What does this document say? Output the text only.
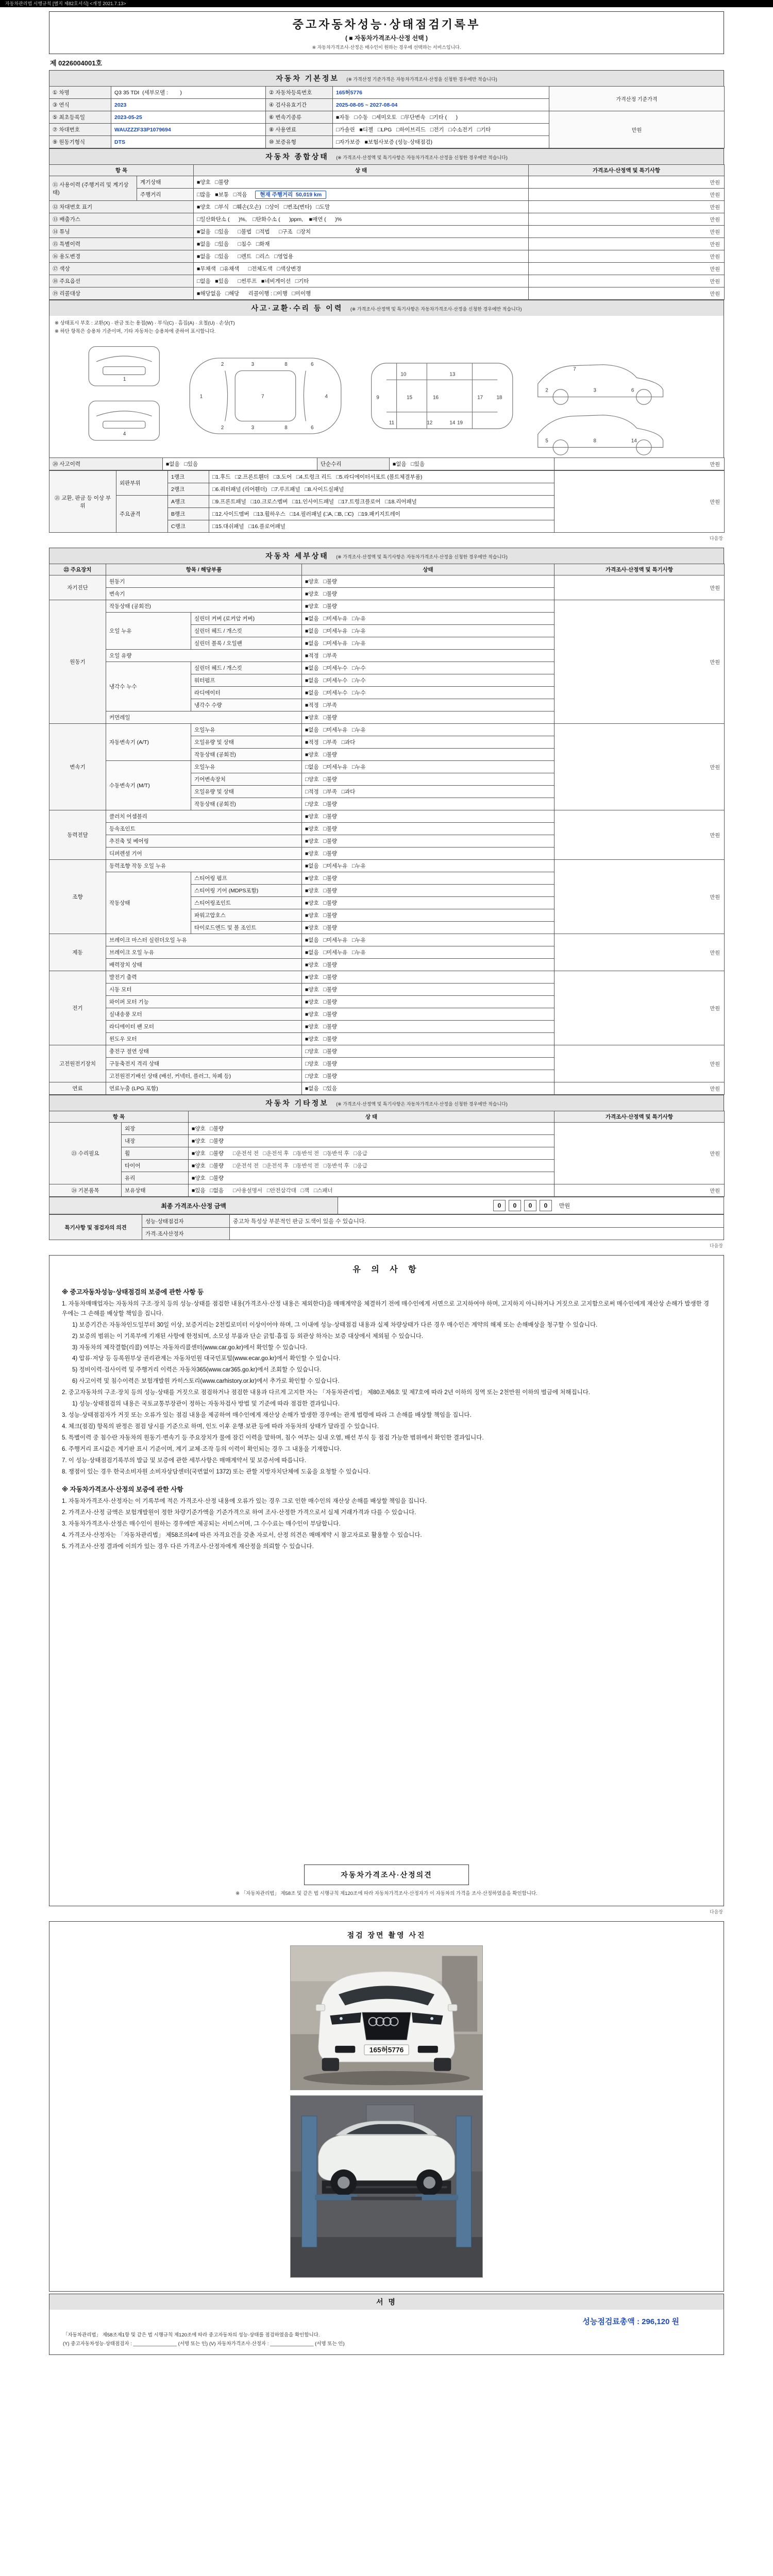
자동차관리법 시행규칙 [별지 제82호서식] <개정 2021.7.13>
중고자동차성능·상태점검기록부
( ■ 자동차가격조사·산정 선택 )
※ 자동차가격조사·산정은 매수인이 원하는 경우에 선택하는 서비스입니다.
제 0226004001호
자동차 기본정보 (※ 가격산정 기준가격은 자동차가격조사·산정을 신청한 경우에만 적습니다)
① 차명	Q3 35 TDI  (세부모델 :        )	② 자동차등록번호	165허5776	가격산정 기준가격
③ 연식	2023	④ 검사유효기간	2025-08-05 ~ 2027-08-04	
⑤ 최초등록일	2023-05-25	⑥ 변속기종류	■자동   □수동   □세미오토   □무단변속   □기타 (      )	만원
⑦ 차대번호	WAUZZZF33P1079694	⑧ 사용연료	□가솔린   ■디젤   □LPG   □하이브리드   □전기   □수소전기   □기타	
⑨ 원동기형식	DTS	⑩ 보증유형	□자가보증   ■보험사보증 (성능·상태점검)	
자동차 종합상태 (※ 가격조사·산정액 및 특기사항은 자동차가격조사·산정을 신청한 경우에만 적습니다)
항 목		상 태	가격조사·산정액 및 특기사항
⑪ 사용이력 (주행거리 및 계기상태)	계기상태	■양호   □불량	만원
	주행거리	□많음   ■보통   □적음 현재 주행거리  50,019 km	만원
⑫ 차대번호 표기		■양호   □부식   □훼손(오손)   □상이   □변조(변타)   □도말	만원
⑬ 배출가스		□일산화탄소 (      )%,    □탄화수소 (      )ppm,    ■매연 (      )%	만원
⑭ 튜닝		■없음   □있음      □불법   □적법      □구조   □장치	만원
⑮ 특별이력		■없음   □있음      □침수   □화재	만원
⑯ 용도변경		■없음   □있음      □렌트   □리스   □영업용	만원
⑰ 색상		■무채색   □유채색      □전체도색   □색상변경	만원
⑱ 주요옵션		□없음   ■있음      □썬루프   ■네비게이션   □기타	만원
⑲ 리콜대상		■해당없음   □해당      리콜이행 : □이행   □미이행	만원
사고·교환·수리 등 이력 (※ 가격조사·산정액 및 특기사항은 자동차가격조사·산정을 신청한 경우에만 적습니다)
※ 상태표시 부호 : 교환(X) · 판금 또는 용접(W) · 부식(C) · 흠집(A) · 요철(U) · 손상(T)
※ 하단 항목은 승용차 기준이며, 기타 자동차는 승용차에 준하여 표시합니다.
1
4
1
2
2
7
3
3
4
6
6
8
8
9
10
16
15
13
17	18
12	19
11	14
7
2	3	6
5	8	14
⑳ 사고이력	■없음   □있음	단순수리	■없음   □있음	만원
㉑ 교환, 판금 등 이상 부위	외판부위	1랭크	□1.후드   □2.프론트휀더   □3.도어   □4.트렁크 리드   □5.라디에이터서포트 (볼트체결부품)	만원
		2랭크	□6.쿼터패널 (리어휀더)   □7.루프패널   □8.사이드실패널	
	주요골격	A랭크	□9.프론트패널   □10.크로스멤버   □11.인사이드패널   □17.트렁크플로어   □18.리어패널	
		B랭크	□12.사이드멤버   □13.휠하우스   □14.필러패널 (□A, □B, □C)   □19.패키지트레이	
		C랭크	□15.대쉬패널   □16.플로어패널	
다음장
자동차 세부상태 (※ 가격조사·산정액 및 특기사항은 자동차가격조사·산정을 신청한 경우에만 적습니다)
㉒ 주요장치	항목 / 해당부품		상태	가격조사·산정액 및 특기사항
자기진단	원동기		■양호   □불량	만원
	변속기		■양호   □불량	
원동기	작동상태 (공회전)		■양호   □불량	만원
	오일 누유	실린더 커버 (로커암 커버)	■없음   □미세누유   □누유	
		실린더 헤드 / 개스킷	■없음   □미세누유   □누유	
		실린더 블록 / 오일팬	■없음   □미세누유   □누유	
	오일 유량		■적정   □부족	
	냉각수 누수	실린더 헤드 / 개스킷	■없음   □미세누수   □누수	
		워터펌프	■없음   □미세누수   □누수	
		라디에이터	■없음   □미세누수   □누수	
		냉각수 수량	■적정   □부족	
	커먼레일		■양호   □불량	
변속기	자동변속기 (A/T)	오일누유	■없음   □미세누유   □누유	만원
		오일유량 및 상태	■적정   □부족   □과다	
		작동상태 (공회전)	■양호   □불량	
	수동변속기 (M/T)	오일누유	□없음   □미세누유   □누유	
		기어변속장치	□양호   □불량	
		오일유량 및 상태	□적정   □부족   □과다	
		작동상태 (공회전)	□양호   □불량	
동력전달	클러치 어셈블리		■양호   □불량	만원
	등속조인트		■양호   □불량	
	추진축 및 베어링		■양호   □불량	
	디퍼렌셜 기어		■양호   □불량	
조향	동력조향 작동 오일 누유		■없음   □미세누유   □누유	만원
	작동상태	스티어링 펌프	■양호   □불량	
		스티어링 기어 (MDPS포함)	■양호   □불량	
		스티어링조인트	■양호   □불량	
		파워고압호스	■양호   □불량	
		타이로드엔드 및 볼 조인트	■양호   □불량	
제동	브레이크 마스터 실린더오일 누유		■없음   □미세누유   □누유	만원
	브레이크 오일 누유		■없음   □미세누유   □누유	
	배력장치 상태		■양호   □불량	
전기	발전기 출력		■양호   □불량	만원
	시동 모터		■양호   □불량	
	와이퍼 모터 기능		■양호   □불량	
	실내송풍 모터		■양호   □불량	
	라디에이터 팬 모터		■양호   □불량	
	윈도우 모터		■양호   □불량	
고전원전기장치	충전구 절연 상태		□양호   □불량	만원
	구동축전지 격리 상태		□양호   □불량	
	고전원전기배선 상태 (배선, 커넥터, 플러그, 차폐 등)		□양호   □불량	
연료	연료누출 (LPG 포함)		■없음   □있음	만원
자동차 기타정보 (※ 가격조사·산정액 및 특기사항은 자동차가격조사·산정을 신청한 경우에만 적습니다)
항 목		상 태	가격조사·산정액 및 특기사항
㉓ 수리필요	외장	■양호   □불량	만원
	내장	■양호   □불량	
	휠	■양호   □불량 □운전석 전   □운전석 후   □동반석 전   □동반석 후   □응급	
	타이어	■양호   □불량 □운전석 전   □운전석 후   □동반석 전   □동반석 후   □응급	
	유리	■양호   □불량	
㉔ 기본품목	보유상태	■있음   □없음 □사용설명서   □안전삼각대   □잭   □스패너	만원
최종 가격조사·산정 금액	0 0 0 0 만원
특기사항 및 점검자의 의견	성능·상태점검자	중고차 특성상 부분적인 판금 도색이 있을 수 있습니다.
	가격·조사산정자	
다음장
유 의 사 항
※ 중고자동차성능·상태점검의 보증에 관한 사항 등
1. 자동차매매업자는 자동차의 구조·장치 등의 성능·상태를 점검한 내용(가격조사·산정 내용은 제외한다)을 매매계약을 체결하기 전에 매수인에게 서면으로 고지하여야 하며, 고지하지 아니하거나 거짓으로 고지함으로써 매수인에게 재산상 손해가 발생한 경우에는 그 손해를 배상할 책임을 집니다.
1) 보증기간은 자동차인도일부터 30일 이상, 보증거리는 2천킬로미터 이상이어야 하며, 그 이내에 성능·상태점검 내용과 실제 차량상태가 다른 경우 매수인은 계약의 해제 또는 손해배상을 청구할 수 있습니다.
2) 보증의 범위는 이 기록부에 기재된 사항에 한정되며, 소모성 부품과 단순 긁힘·흠집 등 외관상 하자는 보증 대상에서 제외될 수 있습니다.
3) 자동차의 제작결함(리콜) 여부는 자동차리콜센터(www.car.go.kr)에서 확인할 수 있습니다.
4) 압류·저당 등 등록원부상 권리관계는 자동차민원 대국민포털(www.ecar.go.kr)에서 확인할 수 있습니다.
5) 정비이력·검사이력 및 주행거리 이력은 자동차365(www.car365.go.kr)에서 조회할 수 있습니다.
6) 사고이력 및 침수이력은 보험개발원 카히스토리(www.carhistory.or.kr)에서 추가로 확인할 수 있습니다.
2. 중고자동차의 구조·장치 등의 성능·상태를 거짓으로 점검하거나 점검한 내용과 다르게 고지한 자는 「자동차관리법」 제80조제6호 및 제7호에 따라 2년 이하의 징역 또는 2천만원 이하의 벌금에 처해집니다.
1) 성능·상태점검의 내용은 국토교통부장관이 정하는 자동차검사 방법 및 기준에 따라 점검한 결과입니다.
3. 성능·상태점검자가 거짓 또는 오류가 있는 점검 내용을 제공하여 매수인에게 재산상 손해가 발생한 경우에는 관계 법령에 따라 그 손해를 배상할 책임을 집니다.
4. 체크(점검) 항목의 판정은 점검 당시를 기준으로 하며, 인도 이후 운행·보관 등에 따라 자동차의 상태가 달라질 수 있습니다.
5. 특별이력 중 침수란 자동차의 원동기·변속기 등 주요장치가 물에 잠긴 이력을 말하며, 침수 여부는 실내 오염, 배선 부식 등 점검 가능한 범위에서 확인한 결과입니다.
6. 주행거리 표시값은 계기판 표시 기준이며, 계기 교체·조작 등의 이력이 확인되는 경우 그 내용을 기재합니다.
7. 이 성능·상태점검기록부의 발급 및 보증에 관한 세부사항은 매매계약서 및 보증서에 따릅니다.
8. 쟁점이 있는 경우 한국소비자원 소비자상담센터(국번없이 1372) 또는 관할 지방자치단체에 도움을 요청할 수 있습니다.
※ 자동차가격조사·산정의 보증에 관한 사항
1. 자동차가격조사·산정자는 이 기록부에 적은 가격조사·산정 내용에 오류가 있는 경우 그로 인한 매수인의 재산상 손해를 배상할 책임을 집니다.
2. 가격조사·산정 금액은 보험개발원이 정한 차량기준가액을 기준가격으로 하여 조사·산정한 가격으로서 실제 거래가격과 다를 수 있습니다.
3. 자동차가격조사·산정은 매수인이 원하는 경우에만 제공되는 서비스이며, 그 수수료는 매수인이 부담합니다.
4. 가격조사·산정자는 「자동차관리법」 제58조의4에 따른 자격요건을 갖춘 자로서, 산정 의견은 매매계약 시 참고자료로 활용할 수 있습니다.
5. 가격조사·산정 결과에 이의가 있는 경우 다른 가격조사·산정자에게 재산정을 의뢰할 수 있습니다.
자동차가격조사·산정의견
※ 「자동차관리법」 제58조 및 같은 법 시행규칙 제120조에 따라 자동차가격조사·산정자가 이 자동차의 가격을 조사·산정하였음을 확인합니다.
다음장
점검 장면 촬영 사진
165허5776
서 명
성능점검료총액 : 296,120 원
「자동차관리법」 제58조제1항 및 같은 법 시행규칙 제120조에 따라 중고자동차의 성능·상태를 점검하였음을 확인합니다.
(Y) 중고자동차성능·상태점검자 : ________________ (서명 또는 인) (V) 자동차가격조사·산정자 : ________________ (서명 또는 인)
